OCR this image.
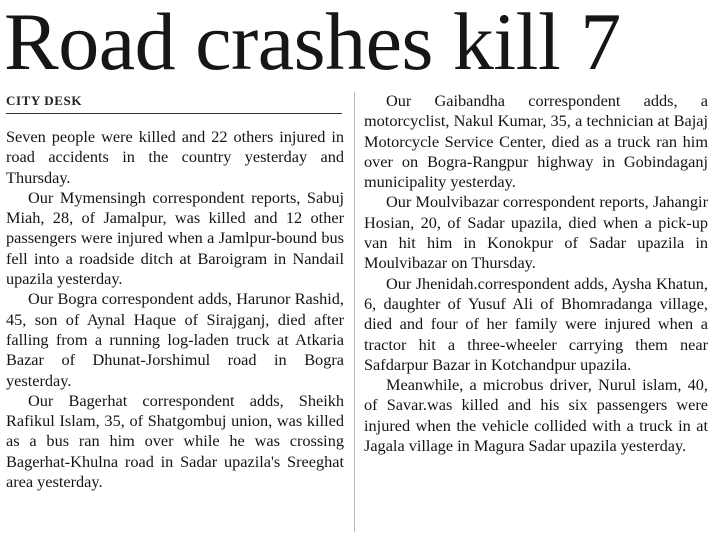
Road crashes kill 7
CITY DESK

Seven people were killed and 22 others injured in road accidents in the country yesterday and Thursday.

Our Mymensingh correspondent reports, Sabuj Miah, 28, of Jamalpur, was killed and 12 other passengers were injured when a Jamlpur-bound bus fell into a roadside ditch at Baroigram in Nandail upazila yesterday.

Our Bogra correspondent adds, Harunor Rashid, 45, son of Aynal Haque of Sirajganj, died after falling from a running log-laden truck at Atkaria Bazar of Dhunat-Jorshimul road in Bogra yesterday.

Our Bagerhat correspondent adds, Sheikh Rafikul Islam, 35, of Shatgombuj union, was killed as a bus ran him over while he was crossing Bagerhat-Khulna road in Sadar upazila's Sreeghat area yesterday.

Our Gaibandha correspondent adds, a motorcyclist, Nakul Kumar, 35, a technician at Bajaj Motorcycle Service Center, died as a truck ran him over on Bogra-Rangpur highway in Gobindaganj municipality yesterday.

Our Moulvibazar correspondent reports, Jahangir Hosian, 20, of Sadar upazila, died when a pick-up van hit him in Konokpur of Sadar upazila in Moulvibazar on Thursday.

Our Jhenidah.correspondent adds, Aysha Khatun, 6, daughter of Yusuf Ali of Bhomradanga village, died and four of her family were injured when a tractor hit a three-wheeler carrying them near Safdarpur Bazar in Kotchandpur upazila.

Meanwhile, a microbus driver, Nurul islam, 40, of Savar.was killed and his six passengers were injured when the vehicle collided with a truck in at Jagala village in Magura Sadar upazila yesterday.
